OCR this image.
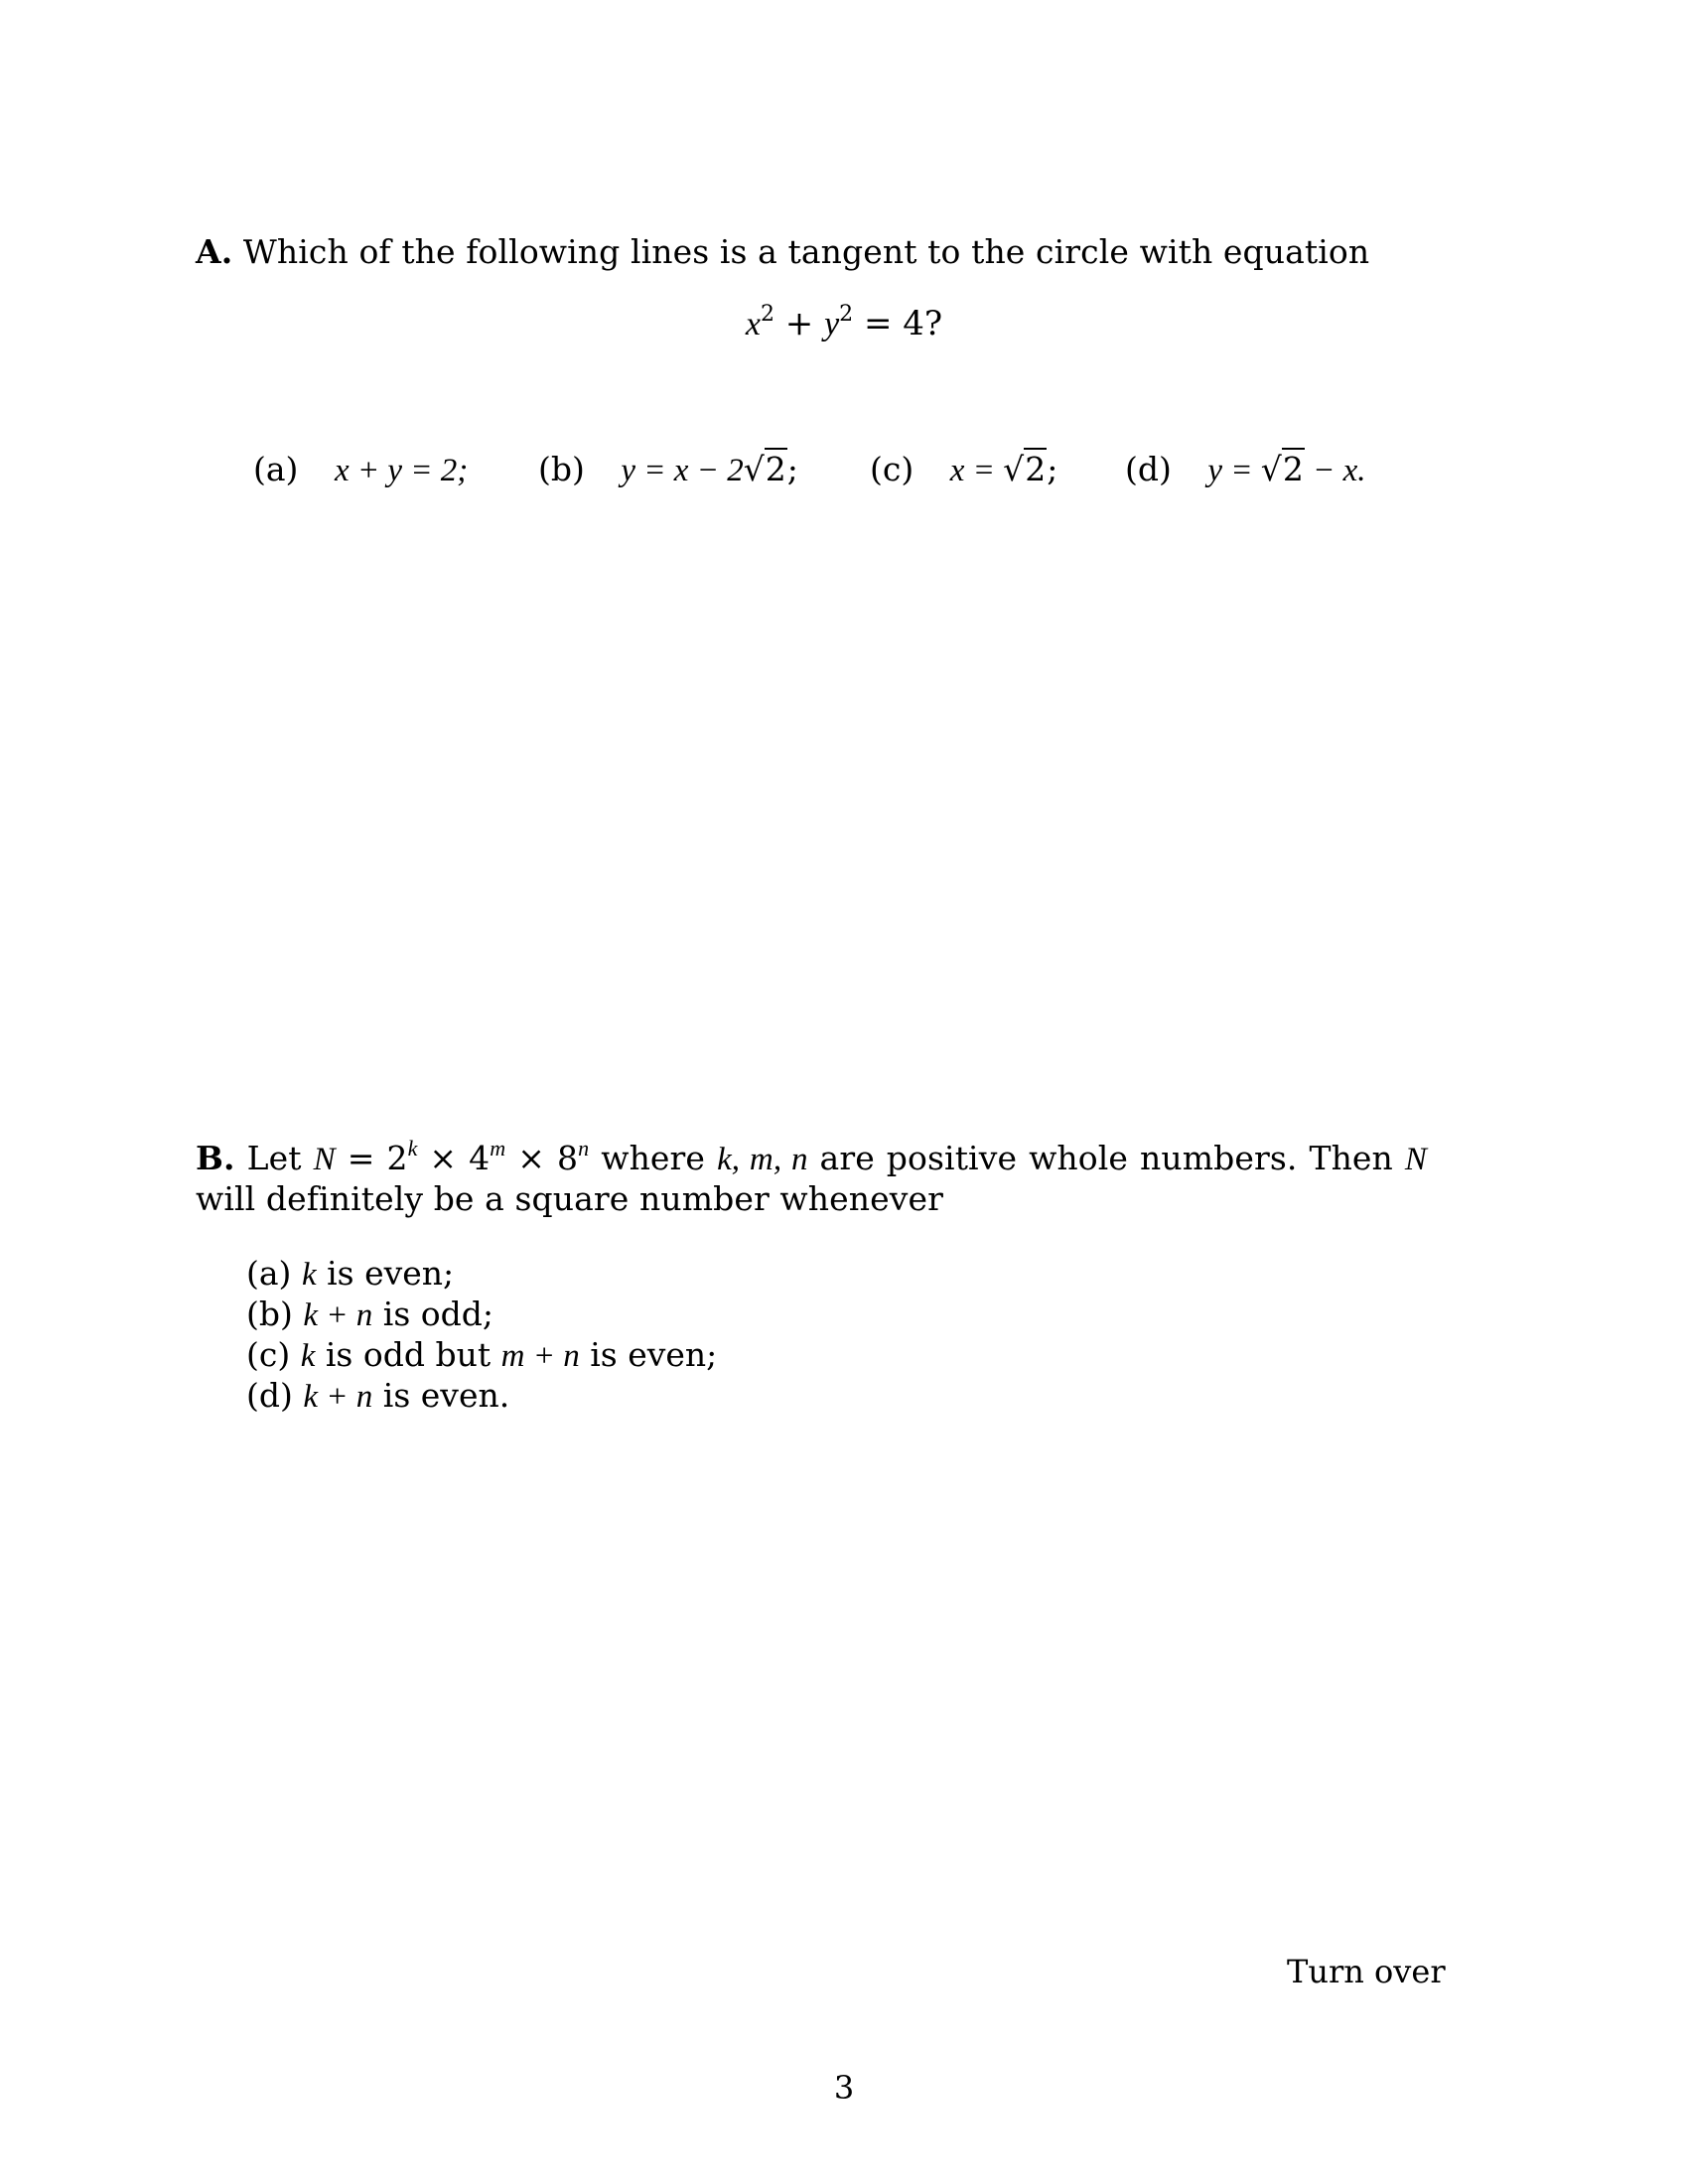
A. Which of the following lines is a tangent to the circle with equation
$x^2 + y^2 = 4$?
(a) x + y = 2; (b) y = x − 2√2; (c) x = √2; (d) y = √2 − x.
B. Let $N = 2^k \times 4^m \times 8^n$ where k, m, n are positive whole numbers. Then N will definitely be a square number whenever
(a) k is even;
(b) k + n is odd;
(c) k is odd but m + n is even;
(d) k + n is even.
Turn over
3
